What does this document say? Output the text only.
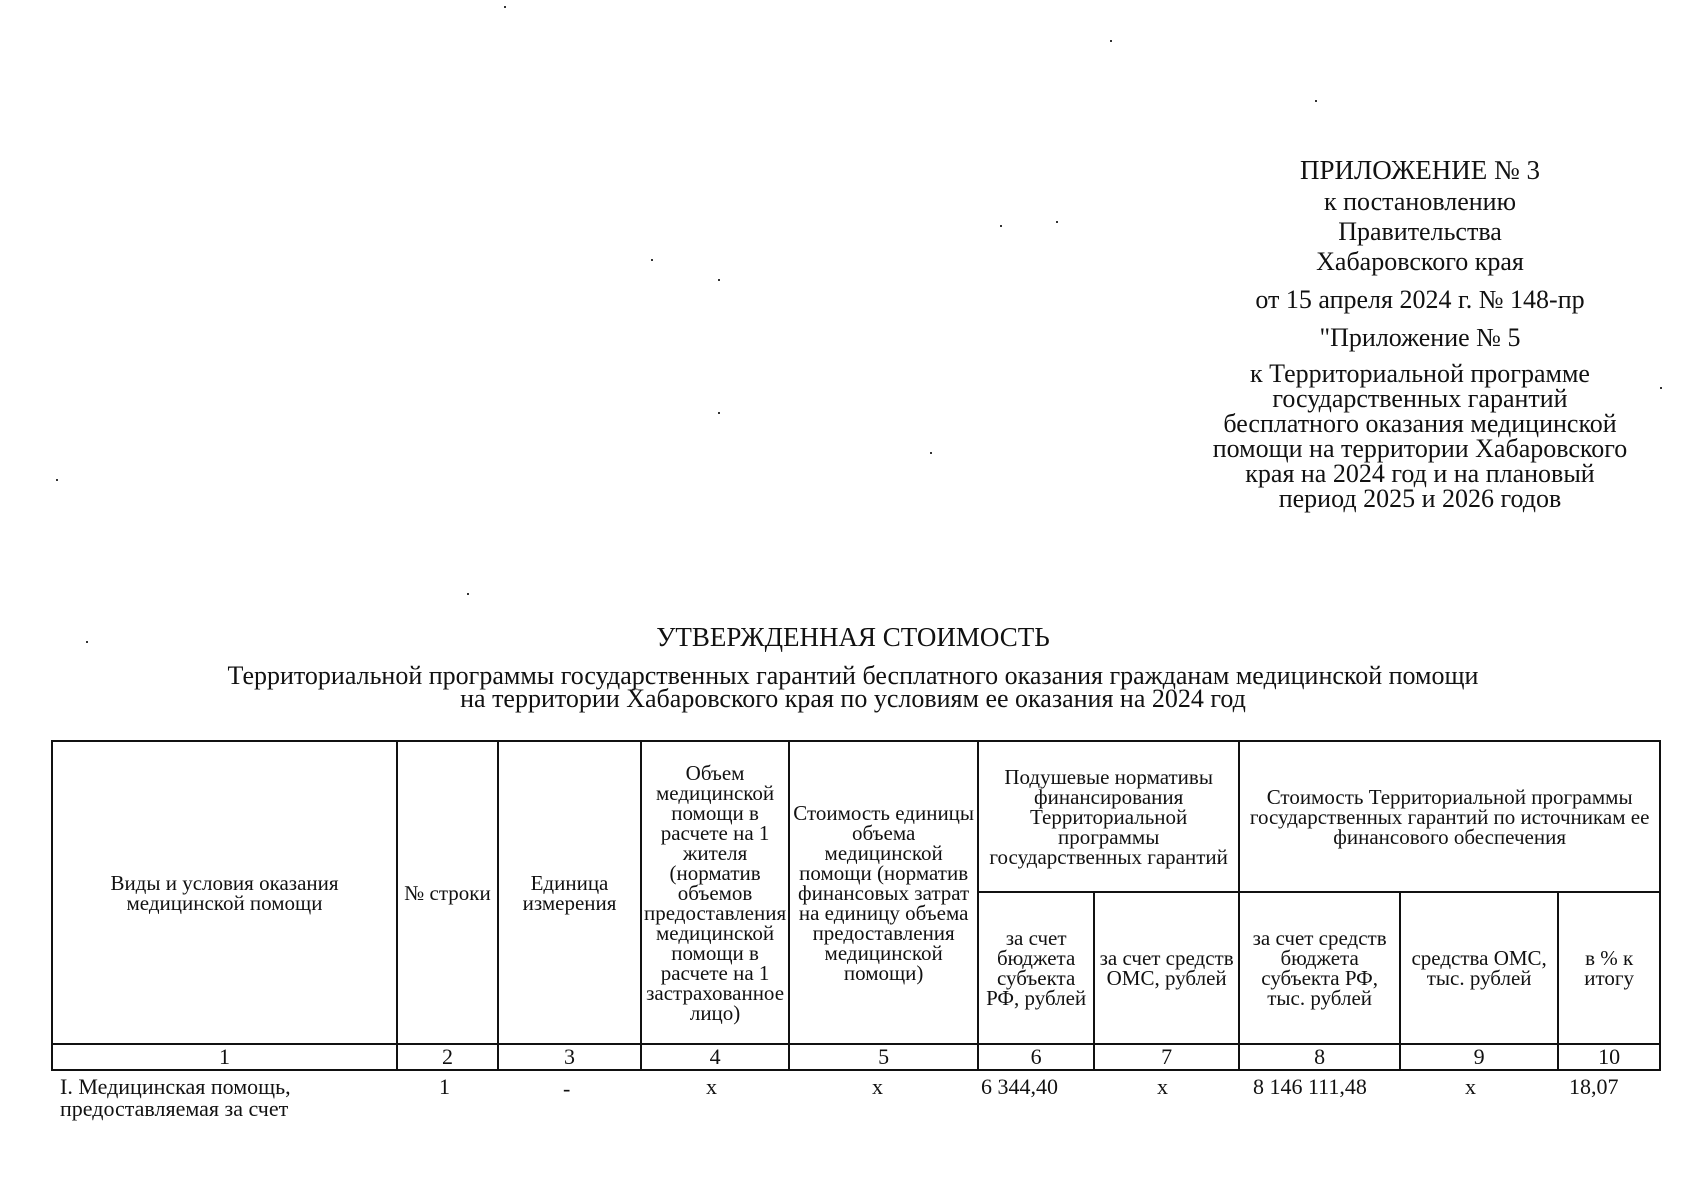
ПРИЛОЖЕНИЕ № 3
к постановлению
Правительства
Хабаровского края
от 15 апреля 2024 г. № 148-пр
"Приложение № 5
к Территориальной программе
государственных гарантий
бесплатного оказания медицинской
помощи на территории Хабаровского
края на 2024 год и на плановый
период 2025 и 2026 годов
УТВЕРЖДЕННАЯ СТОИМОСТЬ
Территориальной программы государственных гарантий бесплатного оказания гражданам медицинской помощи
на территории Хабаровского края по условиям ее оказания на 2024 год
Виды и условия оказания медицинской помощи	№ строки	Единица измерения	Объем медицинской помощи в расчете на 1 жителя (норматив объемов предоставления медицинской помощи в расчете на 1 застрахованное лицо)	Стоимость единицы объема медицинской помощи (норматив финансовых затрат на единицу объема предоставления медицинской помощи)	Подушевые нормативы финансирования Территориальной программы государственных гарантий		Стоимость Территориальной программы государственных гарантий по источникам ее финансового обеспечения		
					за счет бюджета субъекта РФ, рублей	за счет средств ОМС, рублей	за счет средств бюджета субъекта РФ, тыс. рублей	средства ОМС, тыс. рублей	в % к итогу
1	2	3	4	5	6	7	8	9	10
I. Медицинская помощь,
предоставляемая за счет
1	-	х	х	6 344,40	х	8 146 111,48	х	18,07
